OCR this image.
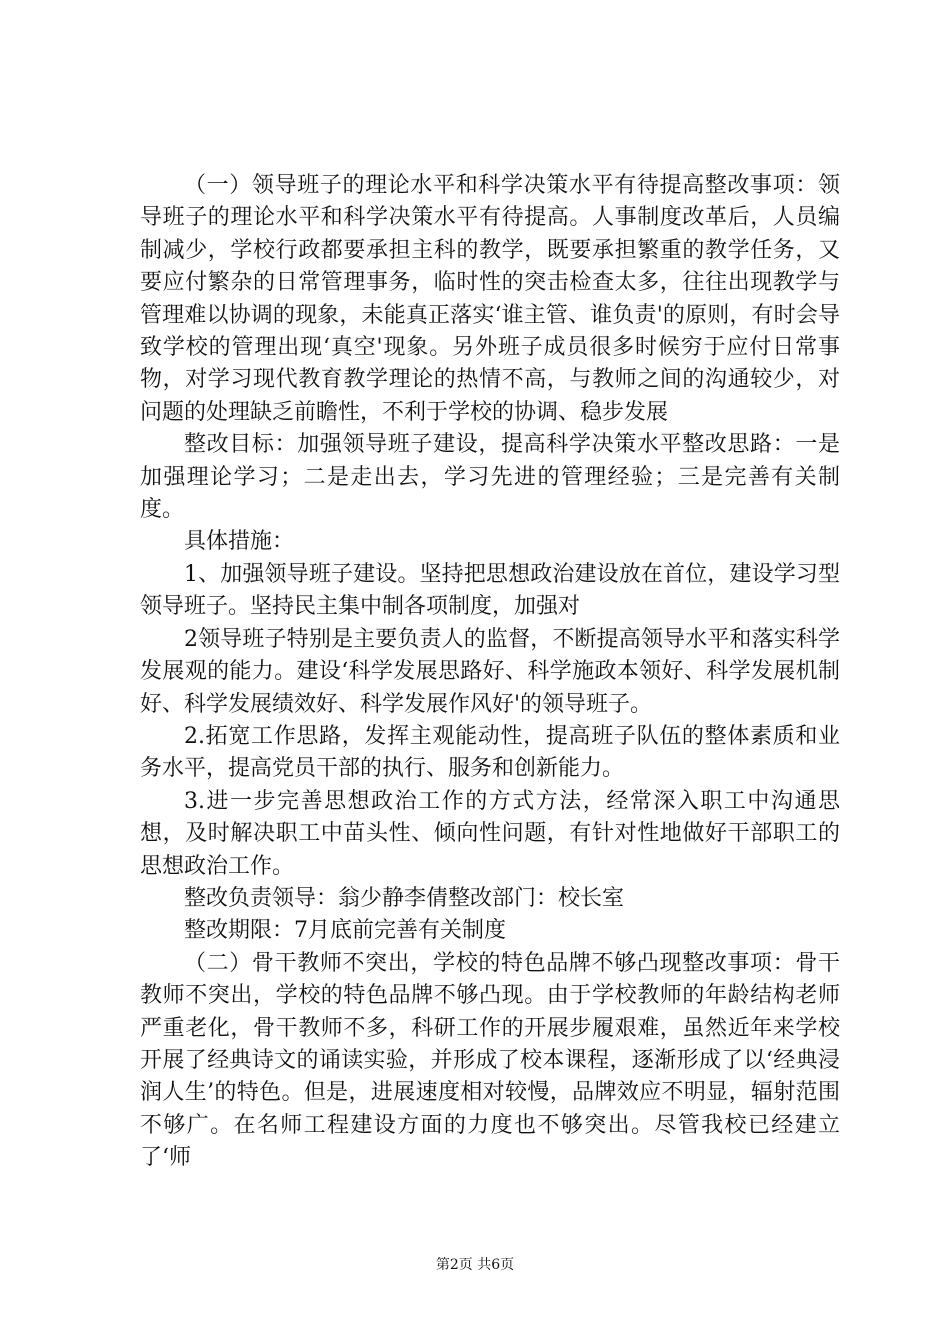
（一）领导班子的理论水平和科学决策水平有待提高整改事项：领导班子的理论水平和科学决策水平有待提高。人事制度改革后，人员编制减少，学校行政都要承担主科的教学，既要承担繁重的教学任务，又要应付繁杂的日常管理事务，临时性的突击检查太多，往往出现教学与管理难以协调的现象，未能真正落实‘谁主管、谁负责'的原则，有时会导致学校的管理出现‘真空'现象。另外班子成员很多时候穷于应付日常事物，对学习现代教育教学理论的热情不高，与教师之间的沟通较少，对问题的处理缺乏前瞻性，不利于学校的协调、稳步发展

整改目标：加强领导班子建设，提高科学决策水平整改思路：一是加强理论学习；二是走出去，学习先进的管理经验；三是完善有关制度。

具体措施：

1、加强领导班子建设。坚持把思想政治建设放在首位，建设学习型领导班子。坚持民主集中制各项制度，加强对

2领导班子特别是主要负责人的监督，不断提高领导水平和落实科学发展观的能力。建设‘科学发展思路好、科学施政本领好、科学发展机制好、科学发展绩效好、科学发展作风好'的领导班子。

2.拓宽工作思路，发挥主观能动性，提高班子队伍的整体素质和业务水平，提高党员干部的执行、服务和创新能力。

3.进一步完善思想政治工作的方式方法，经常深入职工中沟通思想，及时解决职工中苗头性、倾向性问题，有针对性地做好干部职工的思想政治工作。

整改负责领导：翁少静李倩整改部门：校长室

整改期限：7月底前完善有关制度

（二）骨干教师不突出，学校的特色品牌不够凸现整改事项：骨干教师不突出，学校的特色品牌不够凸现。由于学校教师的年龄结构老师严重老化，骨干教师不多，科研工作的开展步履艰难，虽然近年来学校开展了经典诗文的诵读实验，并形成了校本课程，逐渐形成了以‘经典浸润人生’的特色。但是，进展速度相对较慢，品牌效应不明显，辐射范围不够广。在名师工程建设方面的力度也不够突出。尽管我校已经建立了‘师

第2页 共6页
